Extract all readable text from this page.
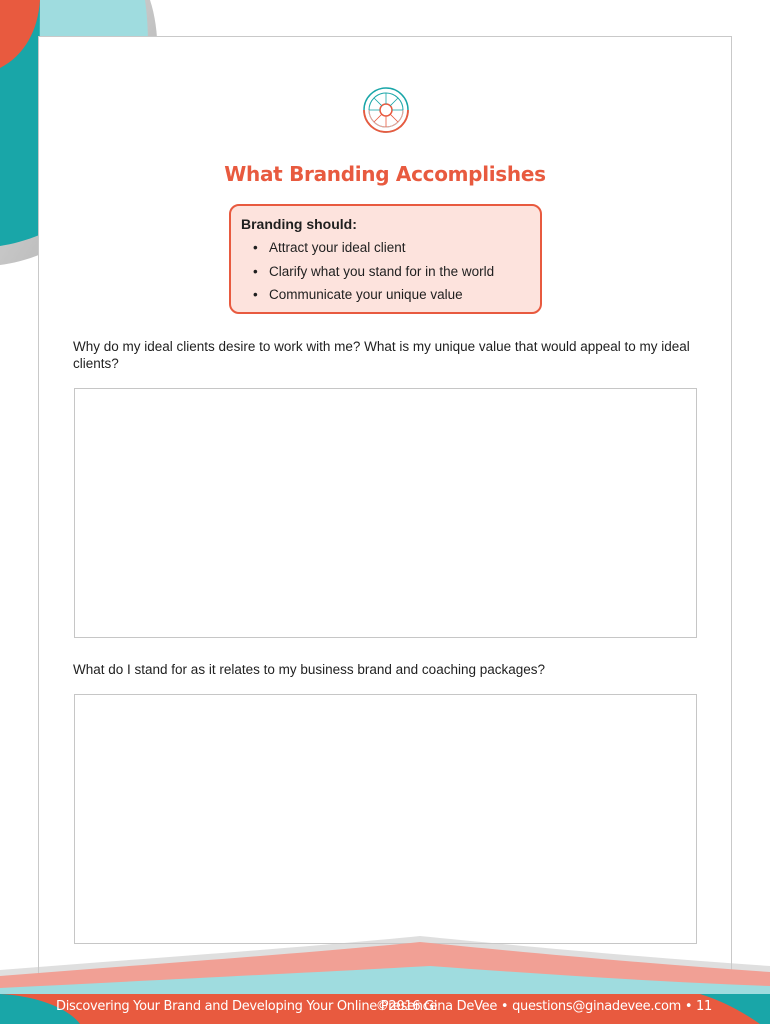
What Branding Accomplishes

Branding should:

• Attract your ideal client
• Clarify what you stand for in the world
• Communicate your unique value

Why do my ideal clients desire to work with me? What is my unique value that would appeal to my ideal clients?

What do I stand for as it relates to my business brand and coaching packages?

Discovering Your Brand and Developing Your Online Presence
©2016 Gina DeVee • questions@ginadevee.com • 11
